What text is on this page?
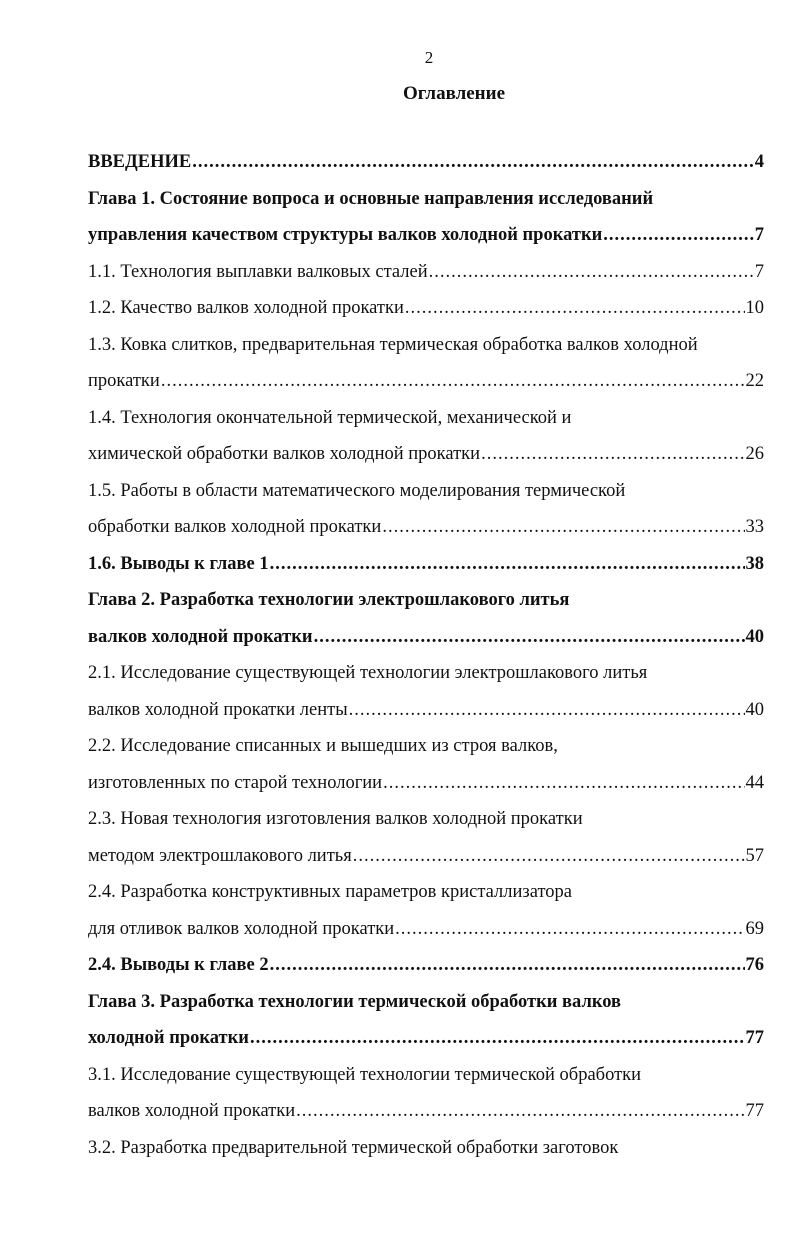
2
Оглавление
ВВЕДЕНИЕ .....	4
Глава 1. Состояние вопроса и основные направления исследований
управления качеством структуры валков холодной прокатки .....	7
1.1. Технология выплавки валковых сталей .....	7
1.2. Качество валков холодной прокатки .....	10
1.3. Ковка слитков, предварительная термическая обработка валков холодной
прокатки .....	22
1.4. Технология окончательной термической, механической и
химической обработки валков холодной прокатки .....	26
1.5. Работы в области математического моделирования термической
обработки валков холодной прокатки .....	33
1.6. Выводы к главе 1 .....	38
Глава 2. Разработка технологии электрошлакового литья
валков холодной прокатки .....	40
2.1. Исследование существующей технологии электрошлакового литья
валков холодной прокатки ленты .....	40
2.2. Исследование списанных и вышедших из строя валков,
изготовленных по старой технологии .....	44
2.3. Новая технология изготовления валков холодной прокатки
методом электрошлакового литья .....	57
2.4. Разработка конструктивных параметров кристаллизатора
для отливок валков холодной прокатки .....	69
2.4. Выводы к главе 2 .....	76
Глава 3. Разработка технологии термической обработки валков
холодной прокатки .....	77
3.1. Исследование существующей технологии термической обработки
валков холодной прокатки .....	77
3.2. Разработка предварительной термической обработки заготовок
